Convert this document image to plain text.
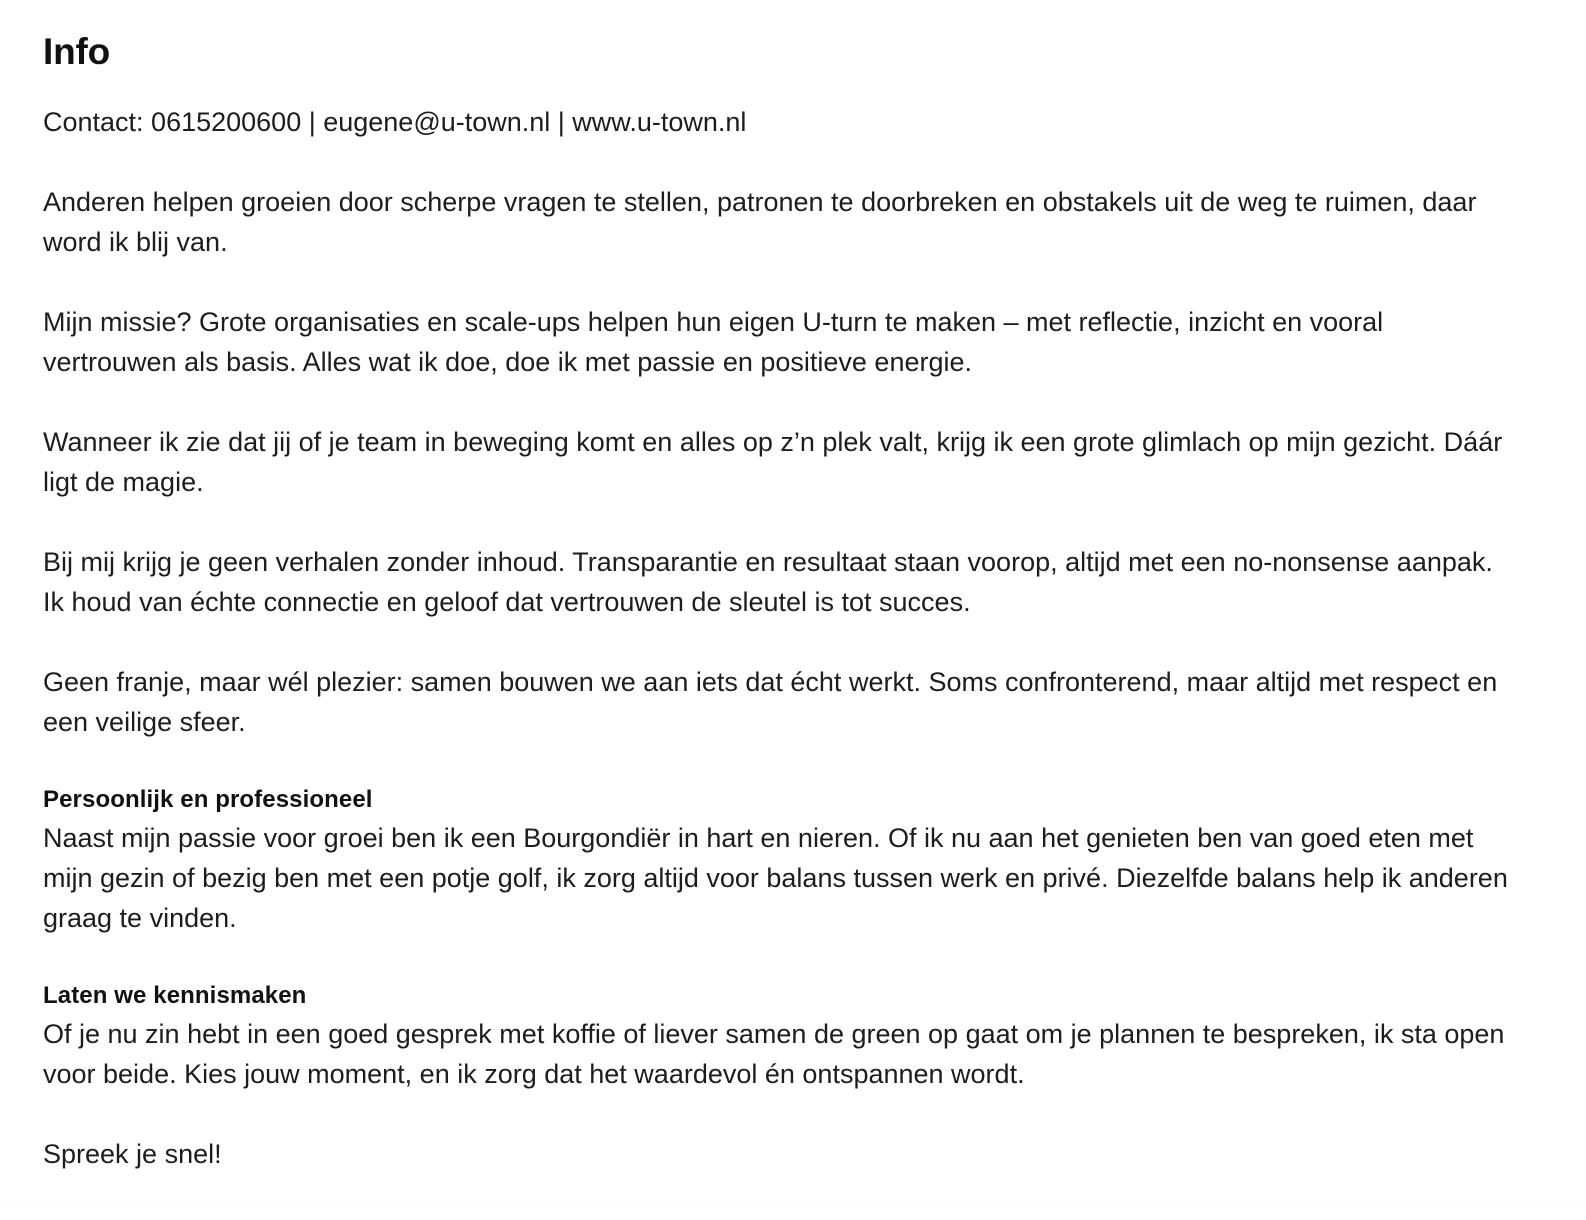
Info

Contact: 0615200600 | eugene@u-town.nl | www.u-town.nl

Anderen helpen groeien door scherpe vragen te stellen, patronen te doorbreken en obstakels uit de weg te ruimen, daar word ik blij van.

Mijn missie? Grote organisaties en scale-ups helpen hun eigen U-turn te maken – met reflectie, inzicht en vooral vertrouwen als basis. Alles wat ik doe, doe ik met passie en positieve energie.

Wanneer ik zie dat jij of je team in beweging komt en alles op z’n plek valt, krijg ik een grote glimlach op mijn gezicht. Dáár ligt de magie.

Bij mij krijg je geen verhalen zonder inhoud. Transparantie en resultaat staan voorop, altijd met een no-nonsense aanpak. Ik houd van échte connectie en geloof dat vertrouwen de sleutel is tot succes.

Geen franje, maar wél plezier: samen bouwen we aan iets dat écht werkt. Soms confronterend, maar altijd met respect en een veilige sfeer.

Persoonlijk en professioneel

Naast mijn passie voor groei ben ik een Bourgondiër in hart en nieren. Of ik nu aan het genieten ben van goed eten met mijn gezin of bezig ben met een potje golf, ik zorg altijd voor balans tussen werk en privé. Diezelfde balans help ik anderen graag te vinden.

Laten we kennismaken

Of je nu zin hebt in een goed gesprek met koffie of liever samen de green op gaat om je plannen te bespreken, ik sta open voor beide. Kies jouw moment, en ik zorg dat het waardevol én ontspannen wordt.

Spreek je snel!
